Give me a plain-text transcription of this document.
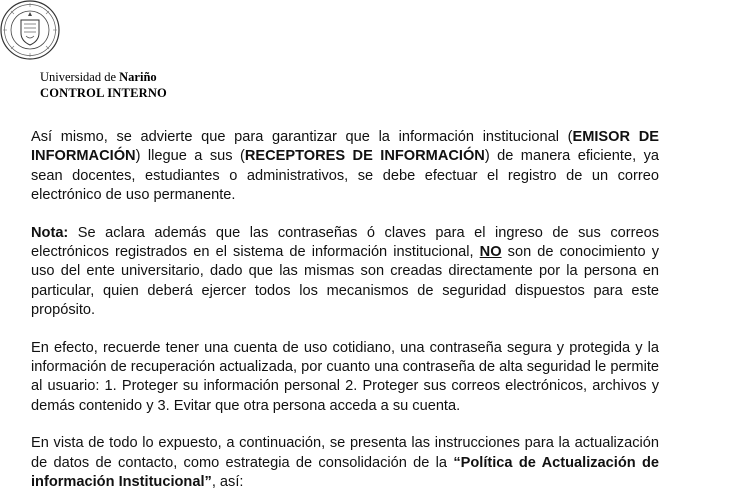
Universidad de Nariño
CONTROL INTERNO

Así mismo, se advierte que para garantizar que la información institucional (EMISOR DE INFORMACIÓN) llegue a sus (RECEPTORES DE INFORMACIÓN) de manera eficiente, ya sean docentes, estudiantes o administrativos, se debe efectuar el registro de un correo electrónico de uso permanente.

Nota: Se aclara además que las contraseñas ó claves para el ingreso de sus correos electrónicos registrados en el sistema de información institucional, NO son de conocimiento y uso del ente universitario, dado que las mismas son creadas directamente por la persona en particular, quien deberá ejercer todos los mecanismos de seguridad dispuestos para este propósito.

En efecto, recuerde tener una cuenta de uso cotidiano, una contraseña segura y protegida y la información de recuperación actualizada, por cuanto una contraseña de alta seguridad le permite al usuario: 1. Proteger su información personal 2. Proteger sus correos electrónicos, archivos y demás contenido y 3. Evitar que otra persona acceda a su cuenta.

En vista de todo lo expuesto, a continuación, se presenta las instrucciones para la actualización de datos de contacto, como estrategia de consolidación de la “Política de Actualización de información Institucional”, así:
